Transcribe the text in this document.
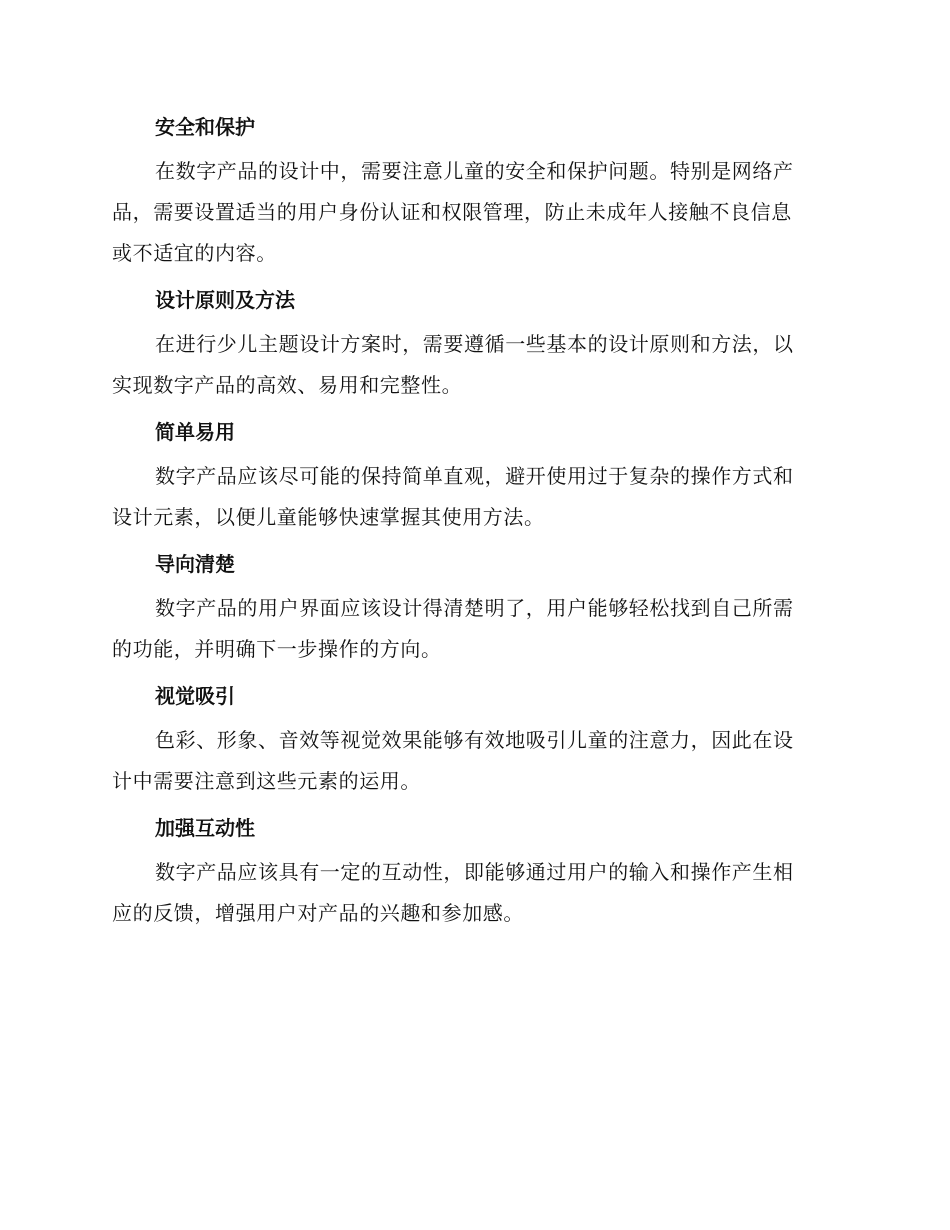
安全和保护
在数字产品的设计中，需要注意儿童的安全和保护问题。特别是网络产
品，需要设置适当的用户身份认证和权限管理，防止未成年人接触不良信息
或不适宜的内容。
设计原则及方法
在进行少儿主题设计方案时，需要遵循一些基本的设计原则和方法，以
实现数字产品的高效、易用和完整性。
简单易用
数字产品应该尽可能的保持简单直观，避开使用过于复杂的操作方式和
设计元素，以便儿童能够快速掌握其使用方法。
导向清楚
数字产品的用户界面应该设计得清楚明了，用户能够轻松找到自己所需
的功能，并明确下一步操作的方向。
视觉吸引
色彩、形象、音效等视觉效果能够有效地吸引儿童的注意力，因此在设
计中需要注意到这些元素的运用。
加强互动性
数字产品应该具有一定的互动性，即能够通过用户的输入和操作产生相
应的反馈，增强用户对产品的兴趣和参加感。
